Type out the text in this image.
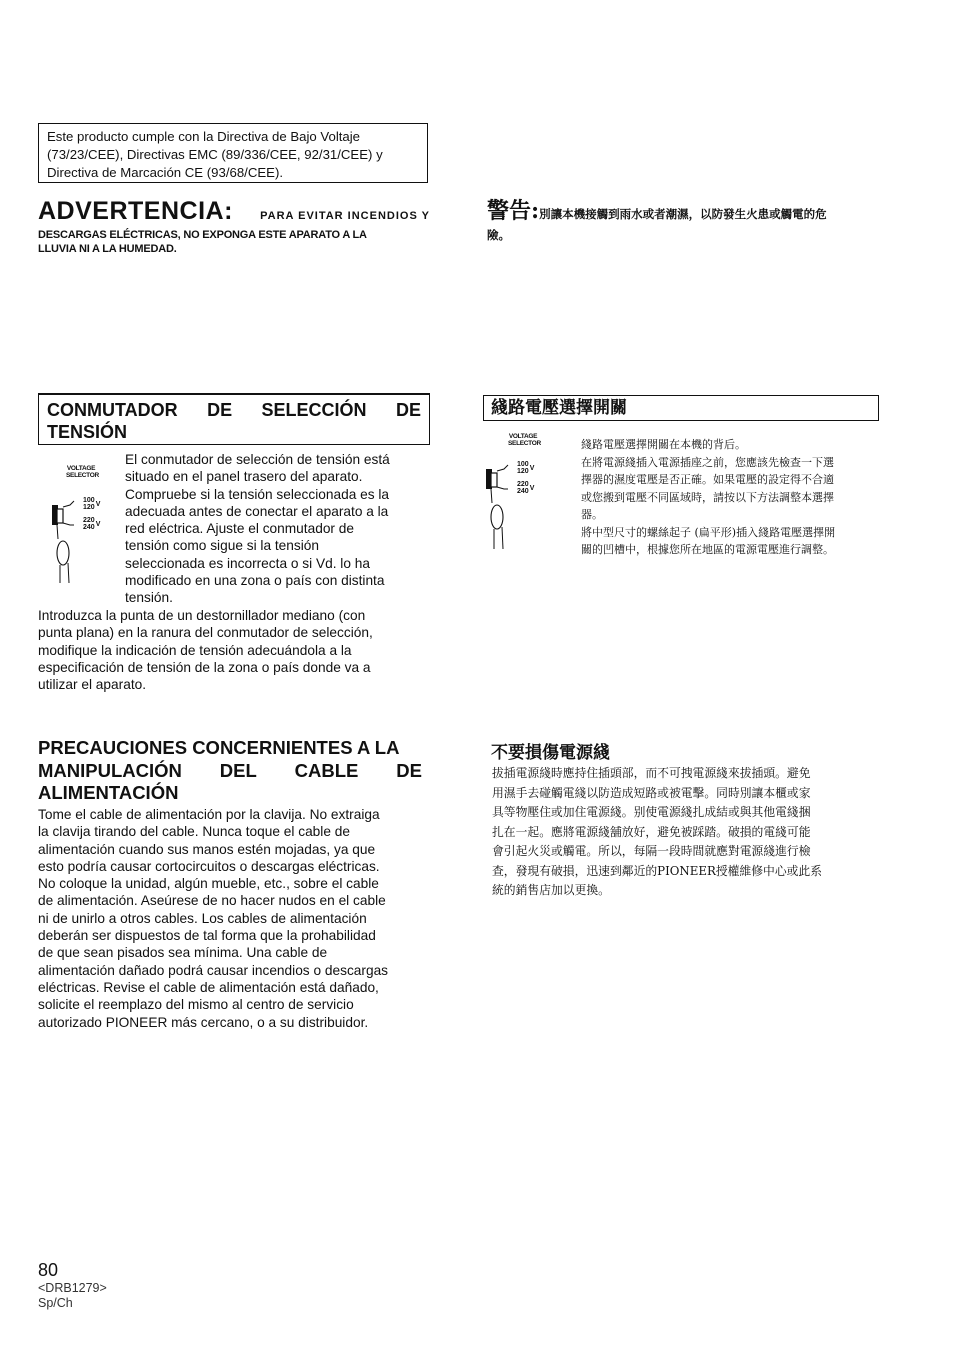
Este producto cumple con la Directiva de Bajo Voltaje
(73/23/CEE), Directivas EMC (89/336/CEE, 92/31/CEE) y
Directiva de Marcación CE (93/68/CEE).
ADVERTENCIA: PARA EVITAR INCENDIOS Y
DESCARGAS ELÉCTRICAS, NO EXPONGA ESTE APARATO A LA
LLUVIA NI A LA HUMEDAD.
警告:別讓本機接觸到雨水或者潮濕，以防發生火患或觸電的危
險。
CONMUTADOR DE SELECCIÓN DE
TENSIÓN
VOLTAGE
SELECTOR
100
120 V
220
240 V
El conmutador de selección de tensión está
situado en el panel trasero del aparato.
Compruebe si la tensión seleccionada es la
adecuada antes de conectar el aparato a la
red eléctrica. Ajuste el conmutador de
tensión como sigue si la tensión
seleccionada es incorrecta o si Vd. lo ha
modificado en una zona o país con distinta
tensión.
Introduzca la punta de un destornillador mediano (con
punta plana) en la ranura del conmutador de selección,
modifique la indicación de tensión adecuándola a la
especificación de tensión de la zona o país donde va a
utilizar el aparato.
綫路電壓選擇開關
VOLTAGE
SELECTOR
100
120 V
220
240 V
綫路電壓選擇開關在本機的背后。
在將電源綫插入電源插座之前，您應該先檢查一下選
擇器的濕度電壓是否正確。如果電壓的設定得不合適
或您搬到電壓不同區域時，請按以下方法調整本選擇
器。
將中型尺寸的螺絲起子 (扁平形)插入綫路電壓選擇開
關的凹槽中，根據您所在地區的電源電壓進行調整。
PRECAUCIONES CONCERNIENTES A LA
MANIPULACIÓN DEL CABLE DE
ALIMENTACIÓN
Tome el cable de alimentación por la clavija. No extraiga
la clavija tirando del cable. Nunca toque el cable de
alimentación cuando sus manos estén mojadas, ya que
esto podría causar cortocircuitos o descargas eléctricas.
No coloque la unidad, algún mueble, etc., sobre el cable
de alimentación. Aseúrese de no hacer nudos en el cable
ni de unirlo a otros cables. Los cables de alimentación
deberán ser dispuestos de tal forma que la prohabilidad
de que sean pisados sea mínima. Una cable de
alimentación dañado podrá causar incendios o descargas
eléctricas. Revise el cable de alimentación está dañado,
solicite el reemplazo del mismo al centro de servicio
autorizado PIONEER más cercano, o a su distribuidor.
不要損傷電源綫
拔插電源綫時應持住插頭部，而不可拽電源綫來拔插頭。避免
用濕手去碰觸電綫以防造成短路或被電擊。同時別讓本櫃或家
具等物壓住或加住電源綫。别使電源綫扎成結或與其他電綫捆
扎在一起。應將電源綫舖放好，避免被踩踏。破損的電綫可能
會引起火災或觸電。所以，每隔一段時間就應對電源綫進行檢
查，發現有破損，迅速到鄰近的PIONEER授權維修中心或此系
統的銷售店加以更換。
80
<DRB1279>
Sp/Ch
